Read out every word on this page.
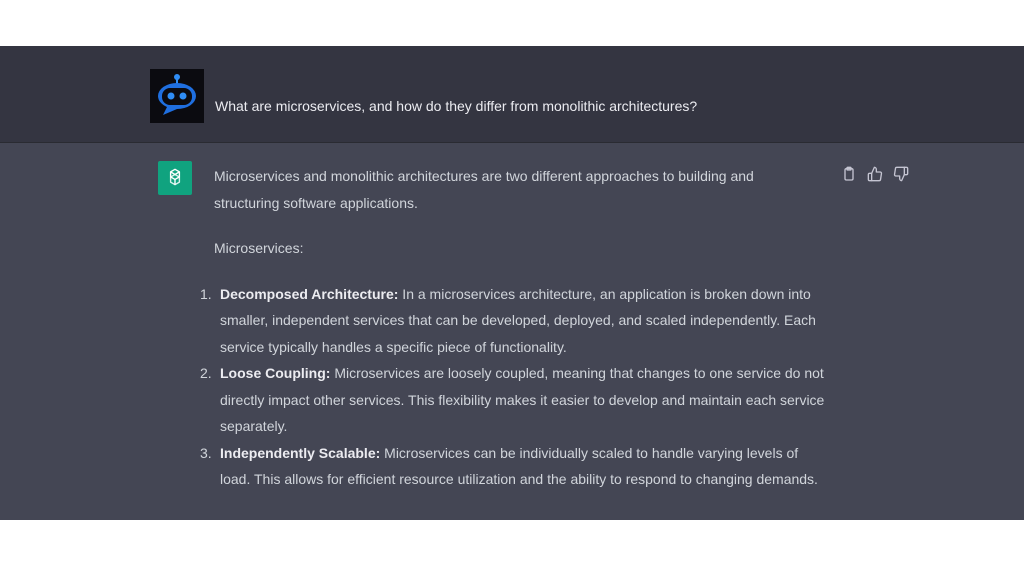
What are microservices, and how do they differ from monolithic architectures?

Microservices and monolithic architectures are two different approaches to building and structuring software applications.

Microservices:

1. Decomposed Architecture: In a microservices architecture, an application is broken down into smaller, independent services that can be developed, deployed, and scaled independently. Each service typically handles a specific piece of functionality.
2. Loose Coupling: Microservices are loosely coupled, meaning that changes to one service do not directly impact other services. This flexibility makes it easier to develop and maintain each service separately.
3. Independently Scalable: Microservices can be individually scaled to handle varying levels of load. This allows for efficient resource utilization and the ability to respond to changing demands.
